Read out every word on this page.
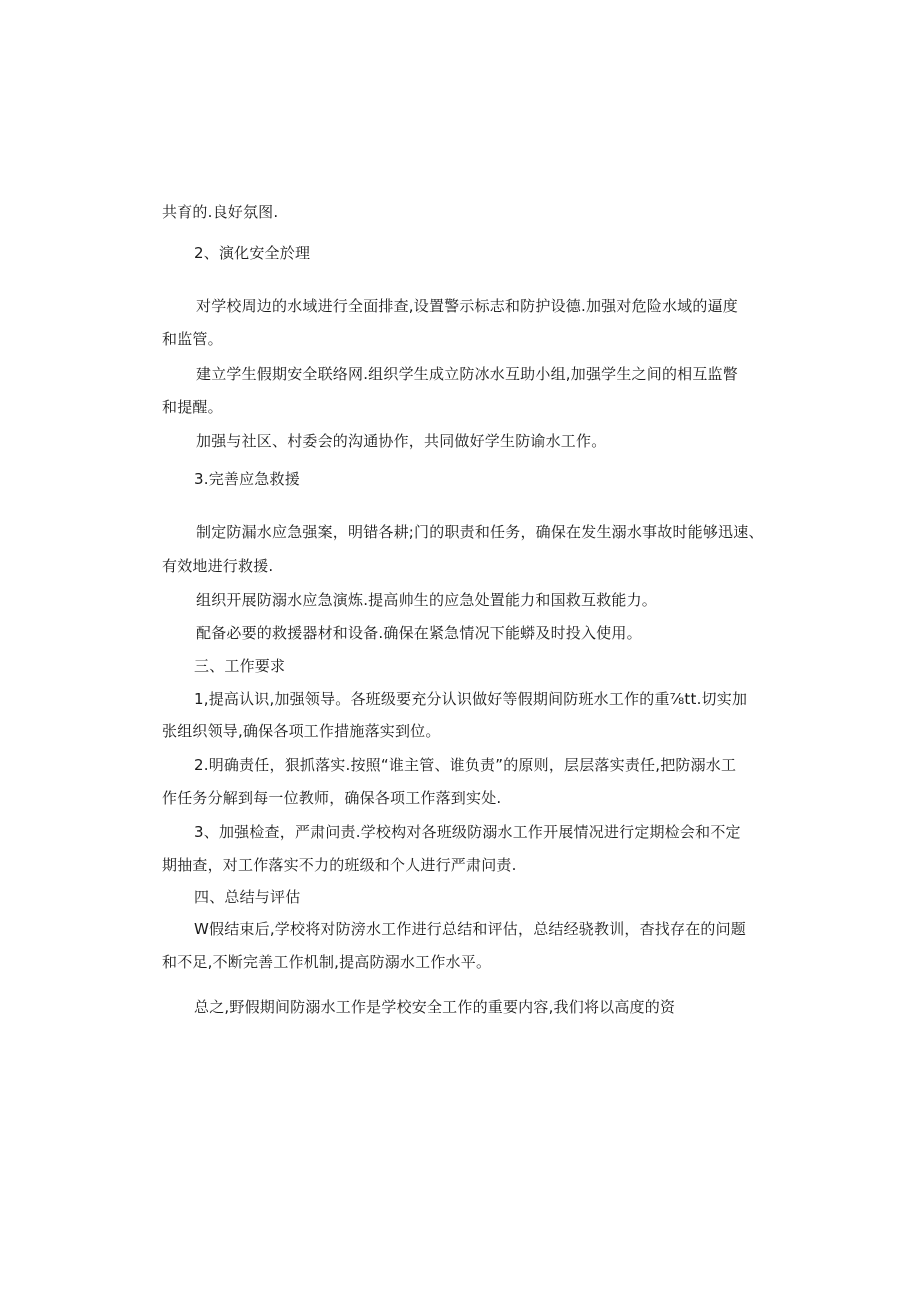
共育的.良好氛图.
2、演化安全於理
对学校周边的水域进行全面排查,设置警示标志和防护设德.加强对危险水域的逼度
和监管。
建立学生假期安全联络网.组织学生成立防冰水互助小组,加强学生之间的相互监瞥
和提醒。
加强与社区、村委会的沟通协作，共同做好学生防谕水工作。
3.完善应急救援
制定防漏水应急强案，明错各耕;门的职责和任务，确保在发生溺水事故时能够迅速、
有效地进行救援.
组织开展防溺水应急演炼.提高帅生的应急处置能力和国救互救能力。
配备必要的救援器材和设备.确保在紧急情况下能蟒及时投入使用。
三、工作要求
1,提高认识,加强领导。各班级要充分认识做好等假期间防班水工作的重⅞tt.切实加
张组织领导,确保各项工作措施落实到位。
2.明确责任，狠抓落实.按照“谁主管、谁负责”的原则，层层落实责任,把防溺水工
作任务分解到每一位教师，确保各项工作落到实处.
3、加强检查，严肃问责.学校构对各班级防溺水工作开展情况进行定期检会和不定
期抽查，对工作落实不力的班级和个人进行严肃问责.
四、总结与评估
W假结束后,学校将对防滂水工作进行总结和评估，总结经骁教训，杳找存在的问题
和不足,不断完善工作机制,提高防溺水工作水平。
总之,野假期间防溺水工作是学校安全工作的重要内容,我们将以高度的资
